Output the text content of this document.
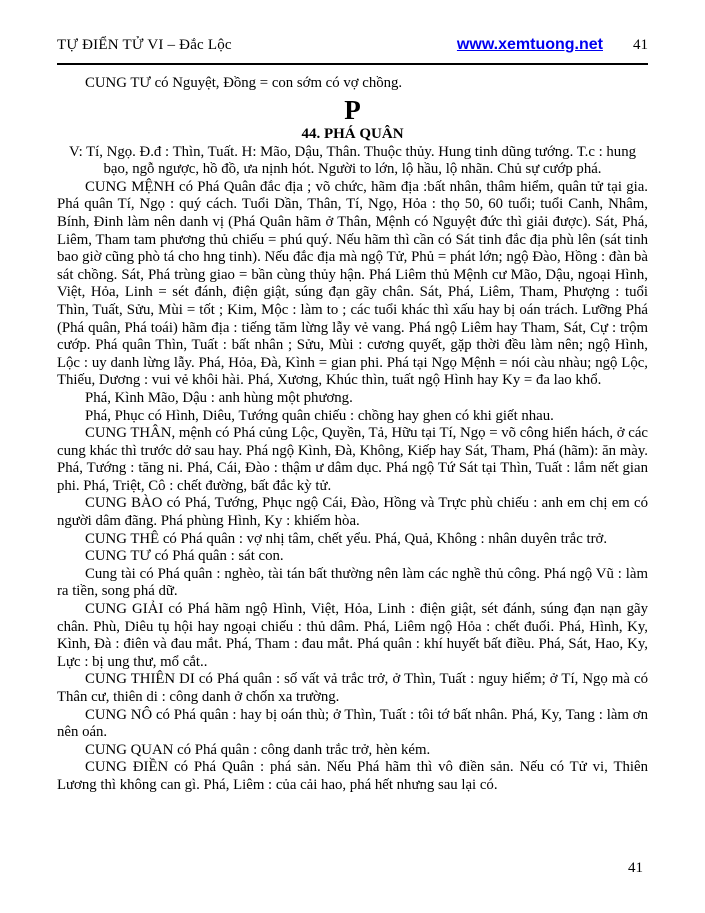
TỰ ĐIỂN TỬ VI – Đắc Lộc	www.xemtuong.net 41

CUNG TƯ có Nguyệt, Đồng = con sớm có vợ chồng.

P
44. PHÁ QUÂN

V: Tí, Ngọ. Đ.đ : Thìn, Tuất. H: Mão, Dậu, Thân. Thuộc thủy. Hung tinh dũng tướng. T.c : hung bạo, ngỗ ngược, hồ đồ, ưa nịnh hót. Người to lớn, lộ hầu, lộ nhãn. Chủ sự cướp phá.

CUNG MỆNH có Phá Quân đắc địa ; võ chức, hãm địa :bất nhân, thâm hiểm, quân tử tại gia. Phá quân Tí, Ngọ : quý cách. Tuổi Dần, Thân, Tí, Ngọ, Hỏa : thọ 50, 60 tuổi; tuổi Canh, Nhâm, Bính, Đinh làm nên danh vị (Phá Quân hãm ở Thân, Mệnh có Nguyệt đức thì giải được). Sát, Phá, Liêm, Tham tam phương thủ chiếu = phú quý. Nếu hãm thì cần có Sát tinh đắc địa phù lên (sát tinh bao giờ cũng phò tá cho hng tinh). Nếu đắc địa mà ngộ Tử, Phủ = phát lớn; ngộ Đào, Hồng : đàn bà sát chồng. Sát, Phá trùng giao = bần cùng thủy hận. Phá Liêm thủ Mệnh cư Mão, Dậu, ngoại Hình, Việt, Hỏa, Linh = sét đánh, điện giật, súng đạn gãy chân. Sát, Phá, Liêm, Tham, Phượng : tuổi Thìn, Tuất, Sửu, Mùi = tốt ; Kim, Mộc : làm to ; các tuổi khác thì xấu hay bị oán trách. Lưỡng Phá (Phá quân, Phá toái) hãm địa : tiếng tăm lừng lẫy vẻ vang. Phá ngộ Liêm hay Tham, Sát, Cự : trộm cướp. Phá quân Thìn, Tuất : bất nhân ; Sửu, Mùi : cương quyết, gặp thời đều làm nên; ngộ Hình, Lộc : uy danh lừng lẫy. Phá, Hỏa, Đà, Kình = gian phi. Phá tại Ngọ Mệnh = nói càu nhàu; ngộ Lộc, Thiếu, Dương : vui vẻ khôi hài. Phá, Xương, Khúc thìn, tuất ngộ Hình hay Ky = đa lao khổ.

Phá, Kình Mão, Dậu : anh hùng một phương.

Phá, Phục có Hình, Diêu, Tướng quân chiếu : chồng hay ghen có khi giết nhau.

CUNG THÂN, mệnh có Phá củng Lộc, Quyền, Tả, Hữu tại Tí, Ngọ = võ công hiển hách, ở các cung khác thì trước dở sau hay. Phá ngộ Kình, Đà, Không, Kiếp hay Sát, Tham, Phá (hãm): ăn mày. Phá, Tướng : tăng ni. Phá, Cái, Đào : thậm ư dâm dục. Phá ngộ Tứ Sát tại Thìn, Tuất : lắm nết gian phi. Phá, Triệt, Cô : chết đường, bất đắc kỳ tử.

CUNG BÀO có Phá, Tướng, Phục ngộ Cái, Đào, Hồng và Trực phù chiếu : anh em chị em có người dâm đãng. Phá phùng Hình, Ky : khiếm hòa.

CUNG THÊ có Phá quân : vợ nhị tâm, chết yểu. Phá, Quả, Không : nhân duyên trắc trở.

CUNG TƯ có Phá quân : sát con.

Cung tài có Phá quân : nghèo, tài tán bất thường nên làm các nghề thủ công. Phá ngộ Vũ : làm ra tiền, song phá dữ.

CUNG GIẢI có Phá hãm ngộ Hình, Việt, Hỏa, Linh : điện giật, sét đánh, súng đạn nạn gãy chân. Phù, Diêu tụ hội hay ngoại chiếu : thủ dâm. Phá, Liêm ngộ Hỏa : chết đuối. Phá, Hình, Ky, Kình, Đà : điên và đau mắt. Phá, Tham : đau mắt. Phá quân : khí huyết bất điều. Phá, Sát, Hao, Ky, Lực : bị ung thư, mổ cắt..

CUNG THIÊN DI có Phá quân : số vất vả trắc trở, ở Thìn, Tuất : nguy hiểm; ở Tí, Ngọ mà có Thân cư, thiên di : công danh ở chốn xa trường.

CUNG NÔ có Phá quân : hay bị oán thù; ở Thìn, Tuất : tôi tớ bất nhân. Phá, Ky, Tang : làm ơn nên oán.

CUNG QUAN có Phá quân : công danh trắc trở, hèn kém.

CUNG ĐIỀN có Phá Quân : phá sản. Nếu Phá hãm thì vô điền sản. Nếu có Tử vi, Thiên Lương thì không can gì. Phá, Liêm : của cải hao, phá hết nhưng sau lại có.

41
